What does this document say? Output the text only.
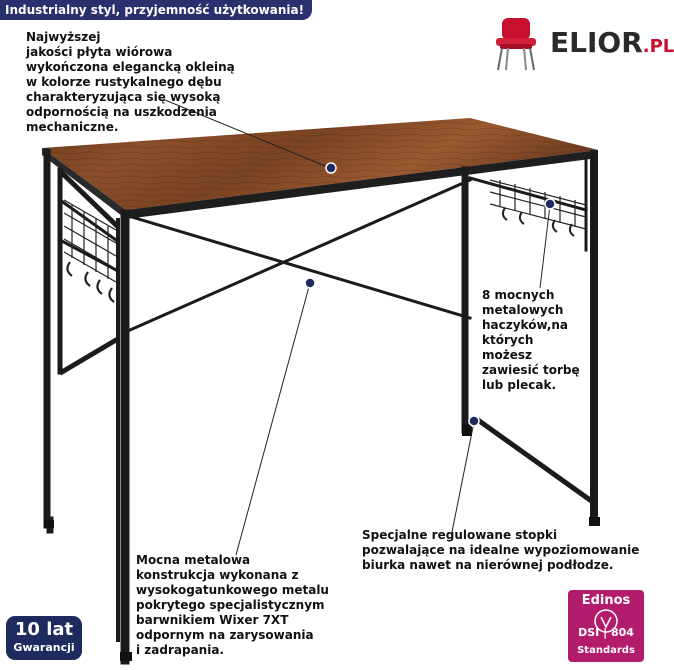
Industrialny styl, przyjemność użytkowania!
ELIOR.PL
Najwyższej
jakości płyta wiórowa
wykończona elegancką okleiną
w kolorze rustykalnego dębu
charakteryzująca się wysoką
odpornością na uszkodzenia
mechaniczne.
8 mocnych
metalowych
haczyków,na
których
możesz
zawiesić torbę
lub plecak.
Specjalne regulowane stopki
pozwalające na idealne wypoziomowanie
biurka nawet na nierównej podłodze.
Mocna metalowa
konstrukcja wykonana z
wysokogatunkowego metalu
pokrytego specjalistycznym
barwnikiem Wixer 7XT
odpornym na zarysowania
i zadrapania.
10 lat
Gwarancji
Edinos
DSI | 804
Standards
